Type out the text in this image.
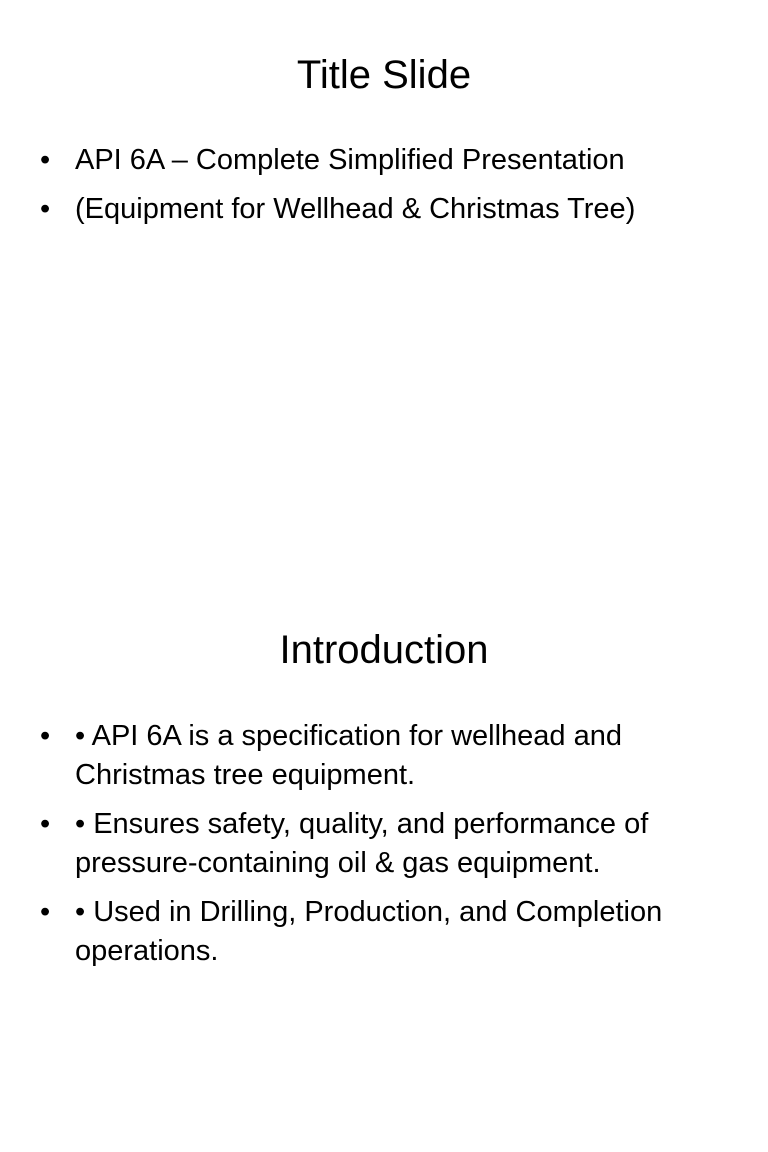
Title Slide
• API 6A – Complete Simplified Presentation
• (Equipment for Wellhead & Christmas Tree)
Introduction
• • API 6A is a specification for wellhead and Christmas tree equipment.
• • Ensures safety, quality, and performance of pressure-containing oil & gas equipment.
• • Used in Drilling, Production, and Completion operations.
